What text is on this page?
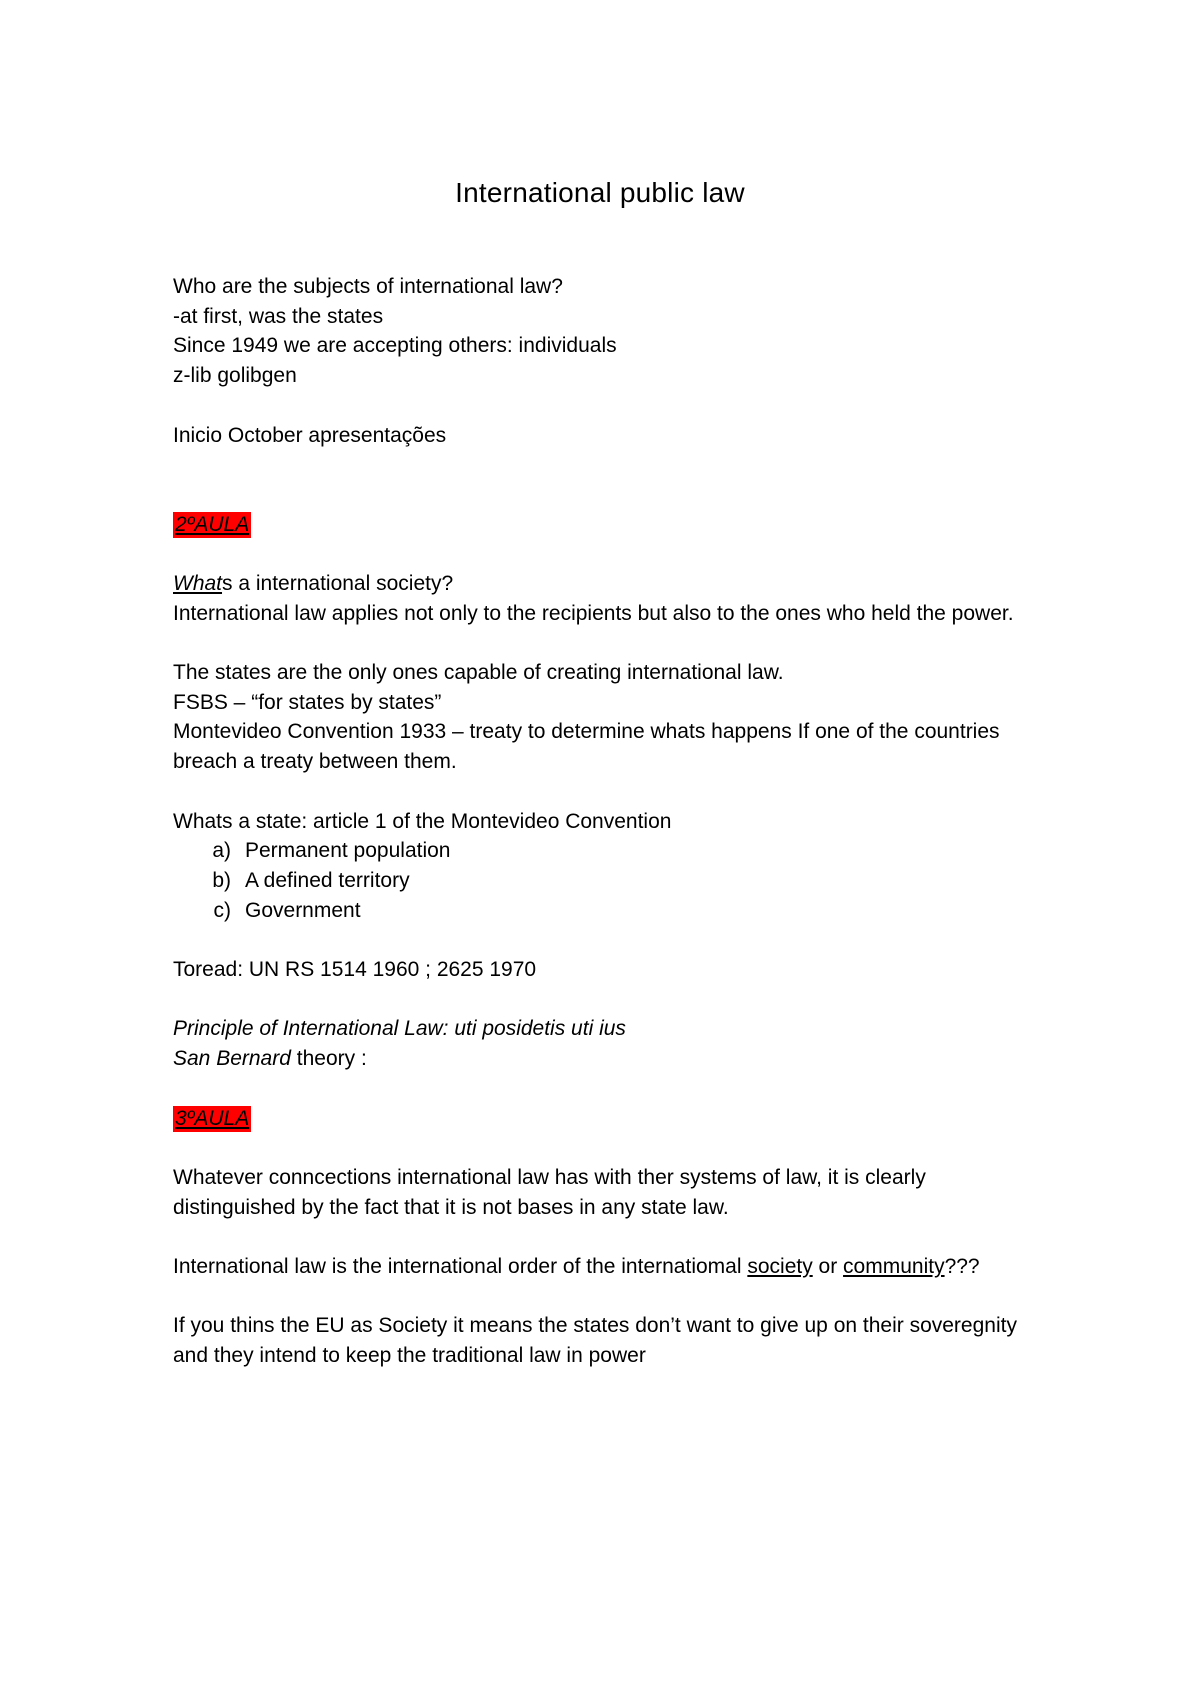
International public law
Who are the subjects of international law?
-at first, was the states
Since 1949 we are accepting others: individuals
z-lib golibgen
Inicio October apresentações
2ºAULA
Whats a international society?
International law applies not only to the recipients but also to the ones who held the power.
The states are the only ones capable of creating international law.
FSBS – “for states by states”
Montevideo Convention 1933 – treaty to determine whats happens If one of the countries breach a treaty between them.
Whats a state: article 1 of the Montevideo Convention
a) Permanent population
b) A defined territory
c) Government
Toread: UN RS 1514 1960 ; 2625 1970
Principle of International Law: uti posidetis uti ius
San Bernard theory :
3ºAULA
Whatever conncections international law has with ther systems of law, it is clearly distinguished by the fact that it is not bases in any state law.
International law is the international order of the internatiomal society or community???
If you thins the EU as Society it means the states don’t want to give up on their soveregnity and they intend to keep the traditional law in power
